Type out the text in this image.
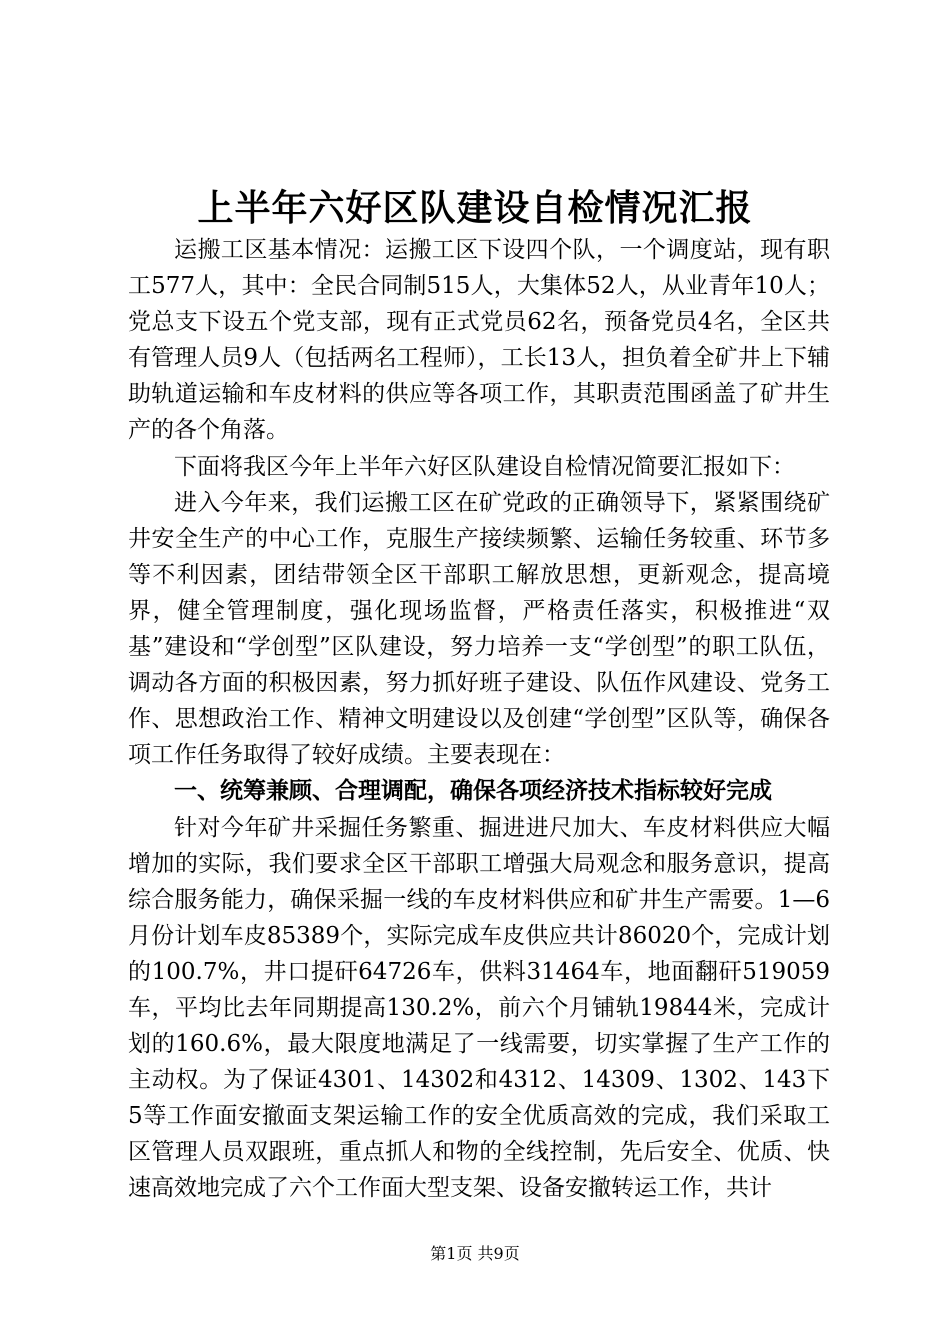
上半年六好区队建设自检情况汇报

运搬工区基本情况：运搬工区下设四个队，一个调度站，现有职工577人，其中：全民合同制515人，大集体52人，从业青年10人；党总支下设五个党支部，现有正式党员62名，预备党员4名，全区共有管理人员9人（包括两名工程师），工长13人，担负着全矿井上下辅助轨道运输和车皮材料的供应等各项工作，其职责范围函盖了矿井生产的各个角落。

下面将我区今年上半年六好区队建设自检情况简要汇报如下：

进入今年来，我们运搬工区在矿党政的正确领导下，紧紧围绕矿井安全生产的中心工作，克服生产接续频繁、运输任务较重、环节多等不利因素，团结带领全区干部职工解放思想，更新观念，提高境界，健全管理制度，强化现场监督，严格责任落实，积极推进“双基”建设和“学创型”区队建设，努力培养一支“学创型”的职工队伍，调动各方面的积极因素，努力抓好班子建设、队伍作风建设、党务工作、思想政治工作、精神文明建设以及创建“学创型”区队等，确保各项工作任务取得了较好成绩。主要表现在：

一、统筹兼顾、合理调配，确保各项经济技术指标较好完成

针对今年矿井采掘任务繁重、掘进进尺加大、车皮材料供应大幅增加的实际，我们要求全区干部职工增强大局观念和服务意识，提高综合服务能力，确保采掘一线的车皮材料供应和矿井生产需要。1—6月份计划车皮85389个，实际完成车皮供应共计86020个，完成计划的100.7%，井口提矸64726车，供料31464车，地面翻矸519059车，平均比去年同期提高130.2%，前六个月铺轨19844米，完成计划的160.6%，最大限度地满足了一线需要，切实掌握了生产工作的主动权。为了保证4301、14302和4312、14309、1302、143下5等工作面安撤面支架运输工作的安全优质高效的完成，我们采取工区管理人员双跟班，重点抓人和物的全线控制，先后安全、优质、快速高效地完成了六个工作面大型支架、设备安撤转运工作，共计

第1页 共9页
